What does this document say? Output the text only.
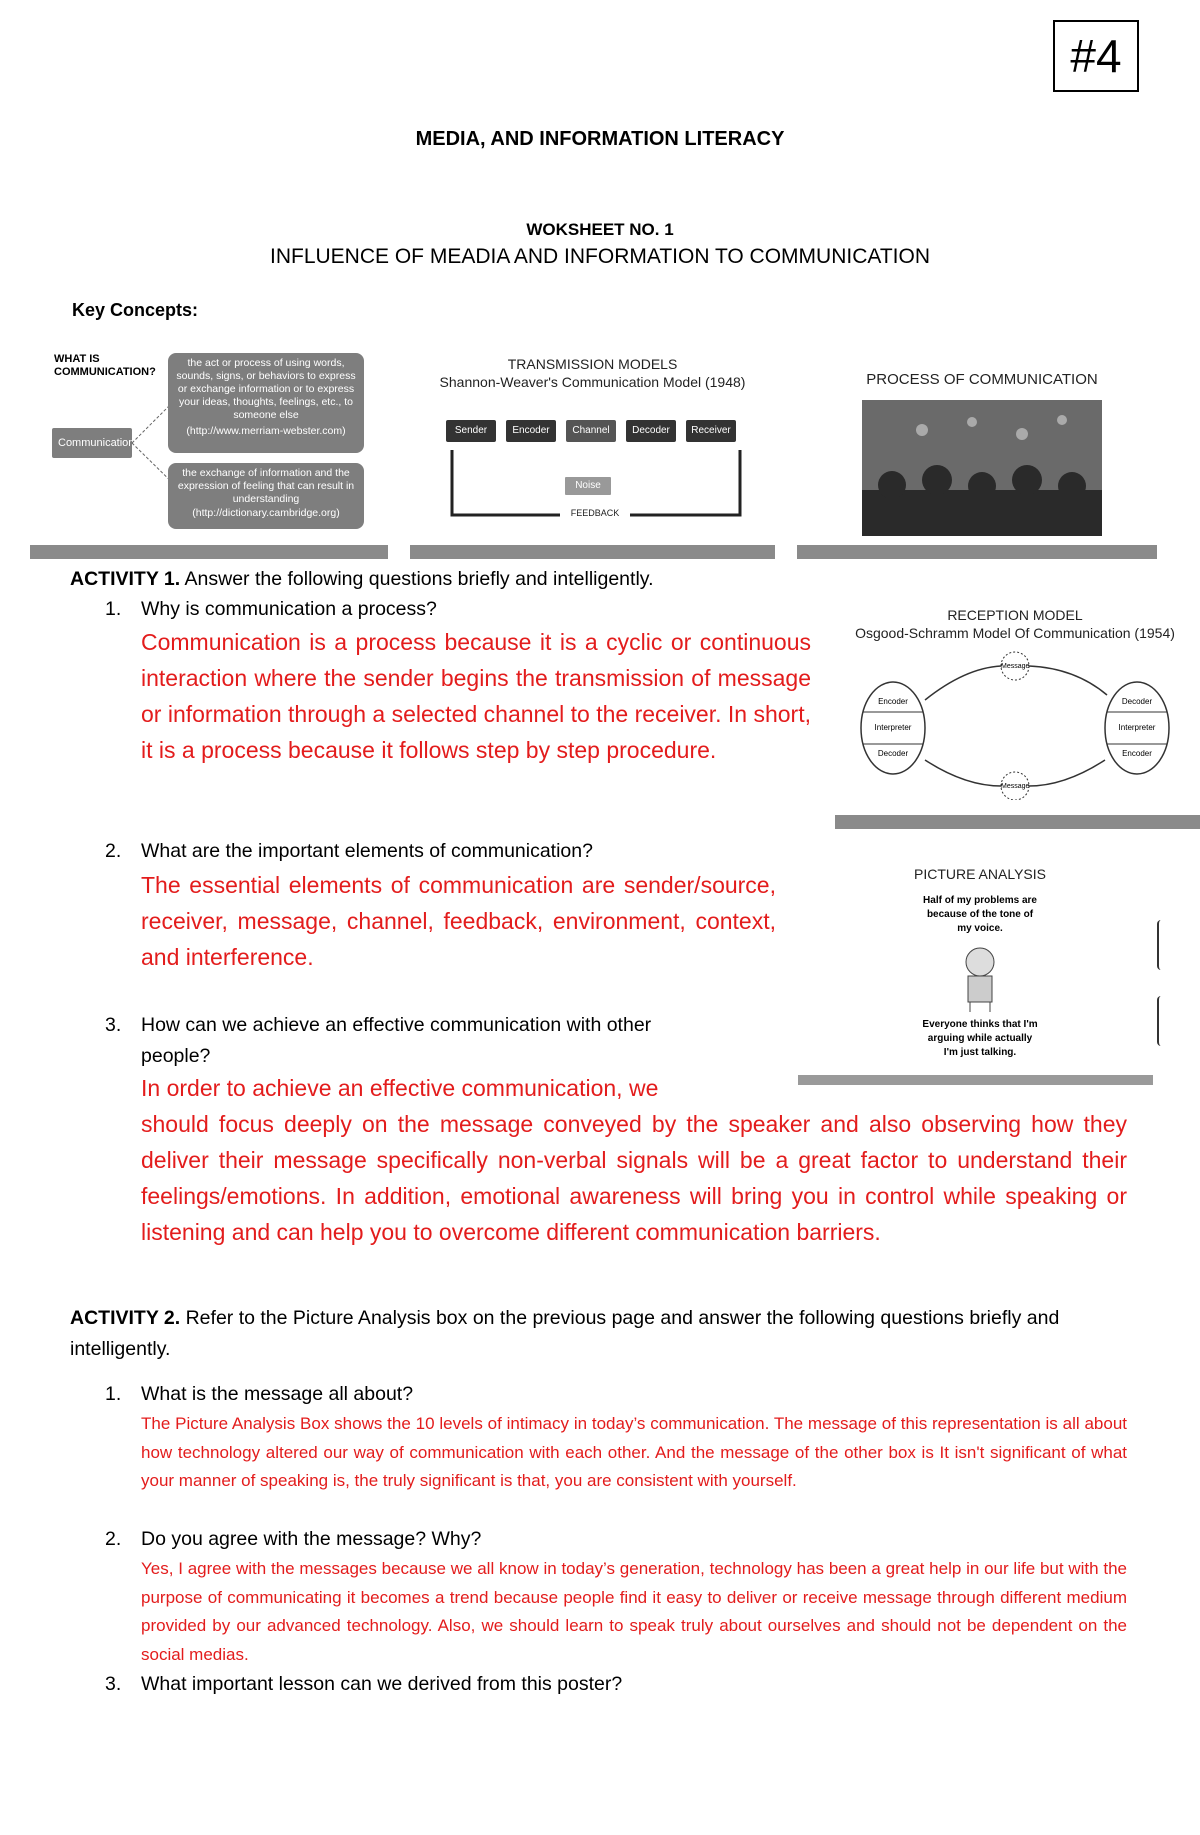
#4
MEDIA, AND INFORMATION LITERACY
WOKSHEET NO. 1
INFLUENCE OF MEADIA AND INFORMATION TO COMMUNICATION
Key Concepts:
WHAT IS COMMUNICATION?
Communication
the act or process of using words, sounds, signs, or behaviors to express or exchange information or to express your ideas, thoughts, feelings, etc., to someone else
(http://www.merriam-webster.com)
the exchange of information and the expression of feeling that can result in understanding
(http://dictionary.cambridge.org)
TRANSMISSION MODELS
Shannon-Weaver's Communication Model (1948)
Sender	Encoder	Channel	Decoder	Receiver
Noise
FEEDBACK
PROCESS OF COMMUNICATION
ACTIVITY 1. Answer the following questions briefly and intelligently.
1. Why is communication a process?
Communication is a process because it is a cyclic or continuous interaction where the sender begins the transmission of message or information through a selected channel to the receiver. In short, it is a process because it follows step by step procedure.
RECEPTION MODEL
Osgood-Schramm Model Of Communication (1954)
Encoder
Interpreter
Decoder
Decoder
Interpreter
Encoder
Message
Message
2. What are the important elements of communication?
The essential elements of communication are sender/source, receiver, message, channel, feedback, environment, context, and interference.
PICTURE ANALYSIS
Half of my problems are because of the tone of my voice.
Everyone thinks that I'm arguing while actually I'm just talking.
3.	How can we achieve an effective communication with other people?
In order to achieve an effective communication, we
should focus deeply on the message conveyed by the speaker and also observing how they deliver their message specifically non-verbal signals will be a great factor to understand their feelings/emotions. In addition, emotional awareness will bring you in control while speaking or listening and can help you to overcome different communication barriers.
ACTIVITY 2. Refer to the Picture Analysis box on the previous page and answer the following questions briefly and intelligently.
1. What is the message all about?
The Picture Analysis Box shows the 10 levels of intimacy in today’s communication. The message of this representation is all about how technology altered our way of communication with each other. And the message of the other box is It isn't significant of what your manner of speaking is, the truly significant is that, you are consistent with yourself.
2. Do you agree with the message? Why?
Yes, I agree with the messages because we all know in today’s generation, technology has been a great help in our life but with the purpose of communicating it becomes a trend because people find it easy to deliver or receive message through different medium provided by our advanced technology. Also, we should learn to speak truly about ourselves and should not be dependent on the social medias.
3. What important lesson can we derived from this poster?
